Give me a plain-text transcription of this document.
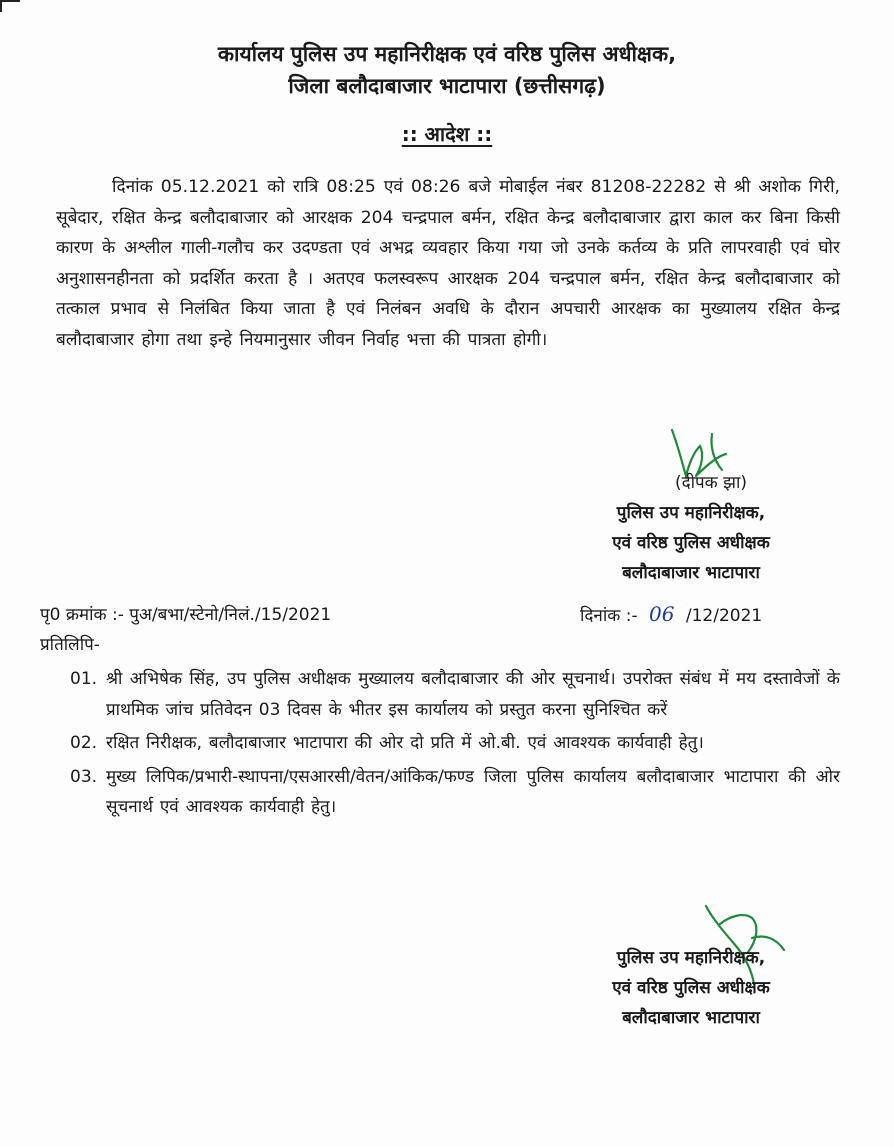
कार्यालय पुलिस उप महानिरीक्षक एवं वरिष्ठ पुलिस अधीक्षक,
जिला बलौदाबाजार भाटापारा (छत्तीसगढ़)
:: आदेश ::
दिनांक 05.12.2021 को रात्रि 08:25 एवं 08:26 बजे मोबाईल नंबर 81208-22282 से श्री अशोक गिरी, सूबेदार, रक्षित केन्द्र बलौदाबाजार को आरक्षक 204 चन्द्रपाल बर्मन, रक्षित केन्द्र बलौदाबाजार द्वारा काल कर बिना किसी कारण के अश्लील गाली-गलौच कर उदण्डता एवं अभद्र व्यवहार किया गया जो उनके कर्तव्य के प्रति लापरवाही एवं घोर अनुशासनहीनता को प्रदर्शित करता है । अतएव फलस्वरूप आरक्षक 204 चन्द्रपाल बर्मन, रक्षित केन्द्र बलौदाबाजार को तत्काल प्रभाव से निलंबित किया जाता है एवं निलंबन अवधि के दौरान अपचारी आरक्षक का मुख्यालय रक्षित केन्द्र बलौदाबाजार होगा तथा इन्हे नियमानुसार जीवन निर्वाह भत्ता की पात्रता होगी।
(दीपक झा)
पुलिस उप महानिरीक्षक,
एवं वरिष्ठ पुलिस अधीक्षक
बलौदाबाजार भाटापारा
पृ0 क्रमांक :- पुअ/बभा/स्टेनो/निलं./15/2021	दिनांक :- 06 /12/2021
प्रतिलिपि-
01. श्री अभिषेक सिंह, उप पुलिस अधीक्षक मुख्यालय बलौदाबाजार की ओर सूचनार्थ। उपरोक्त संबंध में मय दस्तावेजों के प्राथमिक जांच प्रतिवेदन 03 दिवस के भीतर इस कार्यालय को प्रस्तुत करना सुनिश्चित करें
02. रक्षित निरीक्षक, बलौदाबाजार भाटापारा की ओर दो प्रति में ओ.बी. एवं आवश्यक कार्यवाही हेतु।
03. मुख्य लिपिक/प्रभारी-स्थापना/एसआरसी/वेतन/आंकिक/फण्ड जिला पुलिस कार्यालय बलौदाबाजार भाटापारा की ओर सूचनार्थ एवं आवश्यक कार्यवाही हेतु।
पुलिस उप महानिरीक्षक,
एवं वरिष्ठ पुलिस अधीक्षक
बलौदाबाजार भाटापारा
